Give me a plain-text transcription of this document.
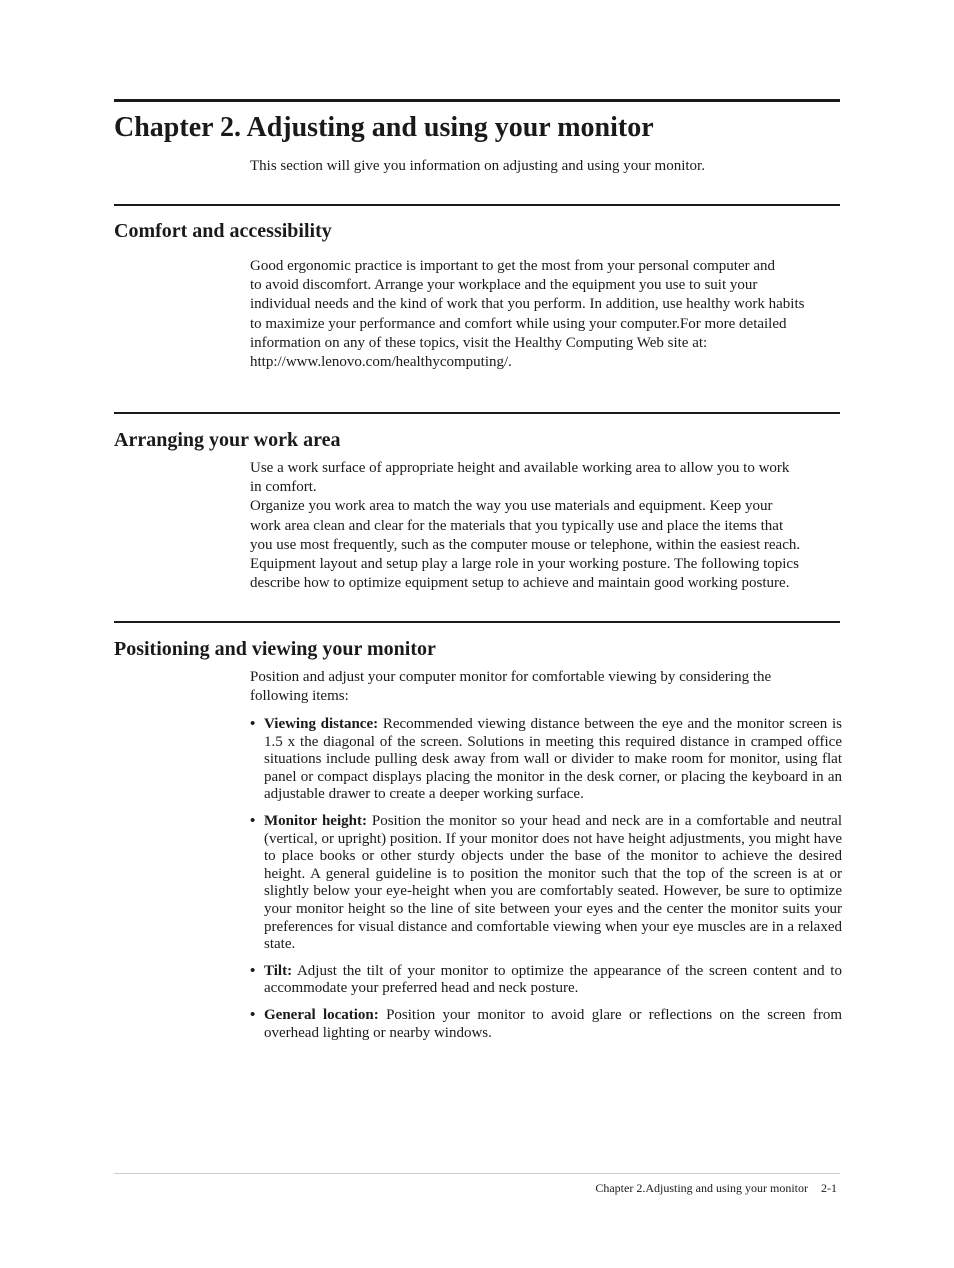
Chapter 2. Adjusting and using your monitor

This section will give you information on adjusting and using your monitor.

Comfort and accessibility

Good ergonomic practice is important to get the most from your personal computer and
to avoid discomfort. Arrange your workplace and the equipment you use to suit your
individual needs and the kind of work that you perform. In addition, use healthy work habits
to maximize your performance and comfort while using your computer.For more detailed
information on any of these topics, visit the Healthy Computing Web site at:
http://www.lenovo.com/healthycomputing/.

Arranging your work area

Use a work surface of appropriate height and available working area to allow you to work
in comfort.
Organize you work area to match the way you use materials and equipment. Keep your
work area clean and clear for the materials that you typically use and place the items that
you use most frequently, such as the computer mouse or telephone, within the easiest reach.
Equipment layout and setup play a large role in your working posture. The following topics
describe how to optimize equipment setup to achieve and maintain good working posture.

Positioning and viewing your monitor

Position and adjust your computer monitor for comfortable viewing by considering the
following items:

• Viewing distance: Recommended viewing distance between the eye and the monitor screen is 1.5 x the diagonal of the screen. Solutions in meeting this required distance in cramped office situations include pulling desk away from wall or divider to make room for monitor, using flat panel or compact displays placing the monitor in the desk corner, or placing the keyboard in an adjustable drawer to create a deeper working surface.
• Monitor height: Position the monitor so your head and neck are in a comfortable and neutral (vertical, or upright) position. If your monitor does not have height adjustments, you might have to place books or other sturdy objects under the base of the monitor to achieve the desired height. A general guideline is to position the monitor such that the top of the screen is at or slightly below your eye-height when you are comfortably seated. However, be sure to optimize your monitor height so the line of site between your eyes and the center the monitor suits your preferences for visual distance and comfortable viewing when your eye muscles are in a relaxed state.
• Tilt: Adjust the tilt of your monitor to optimize the appearance of the screen content and to accommodate your preferred head and neck posture.
• General location: Position your monitor to avoid glare or reflections on the screen from overhead lighting or nearby windows.
Chapter 2.Adjusting and using your monitor 2-1
